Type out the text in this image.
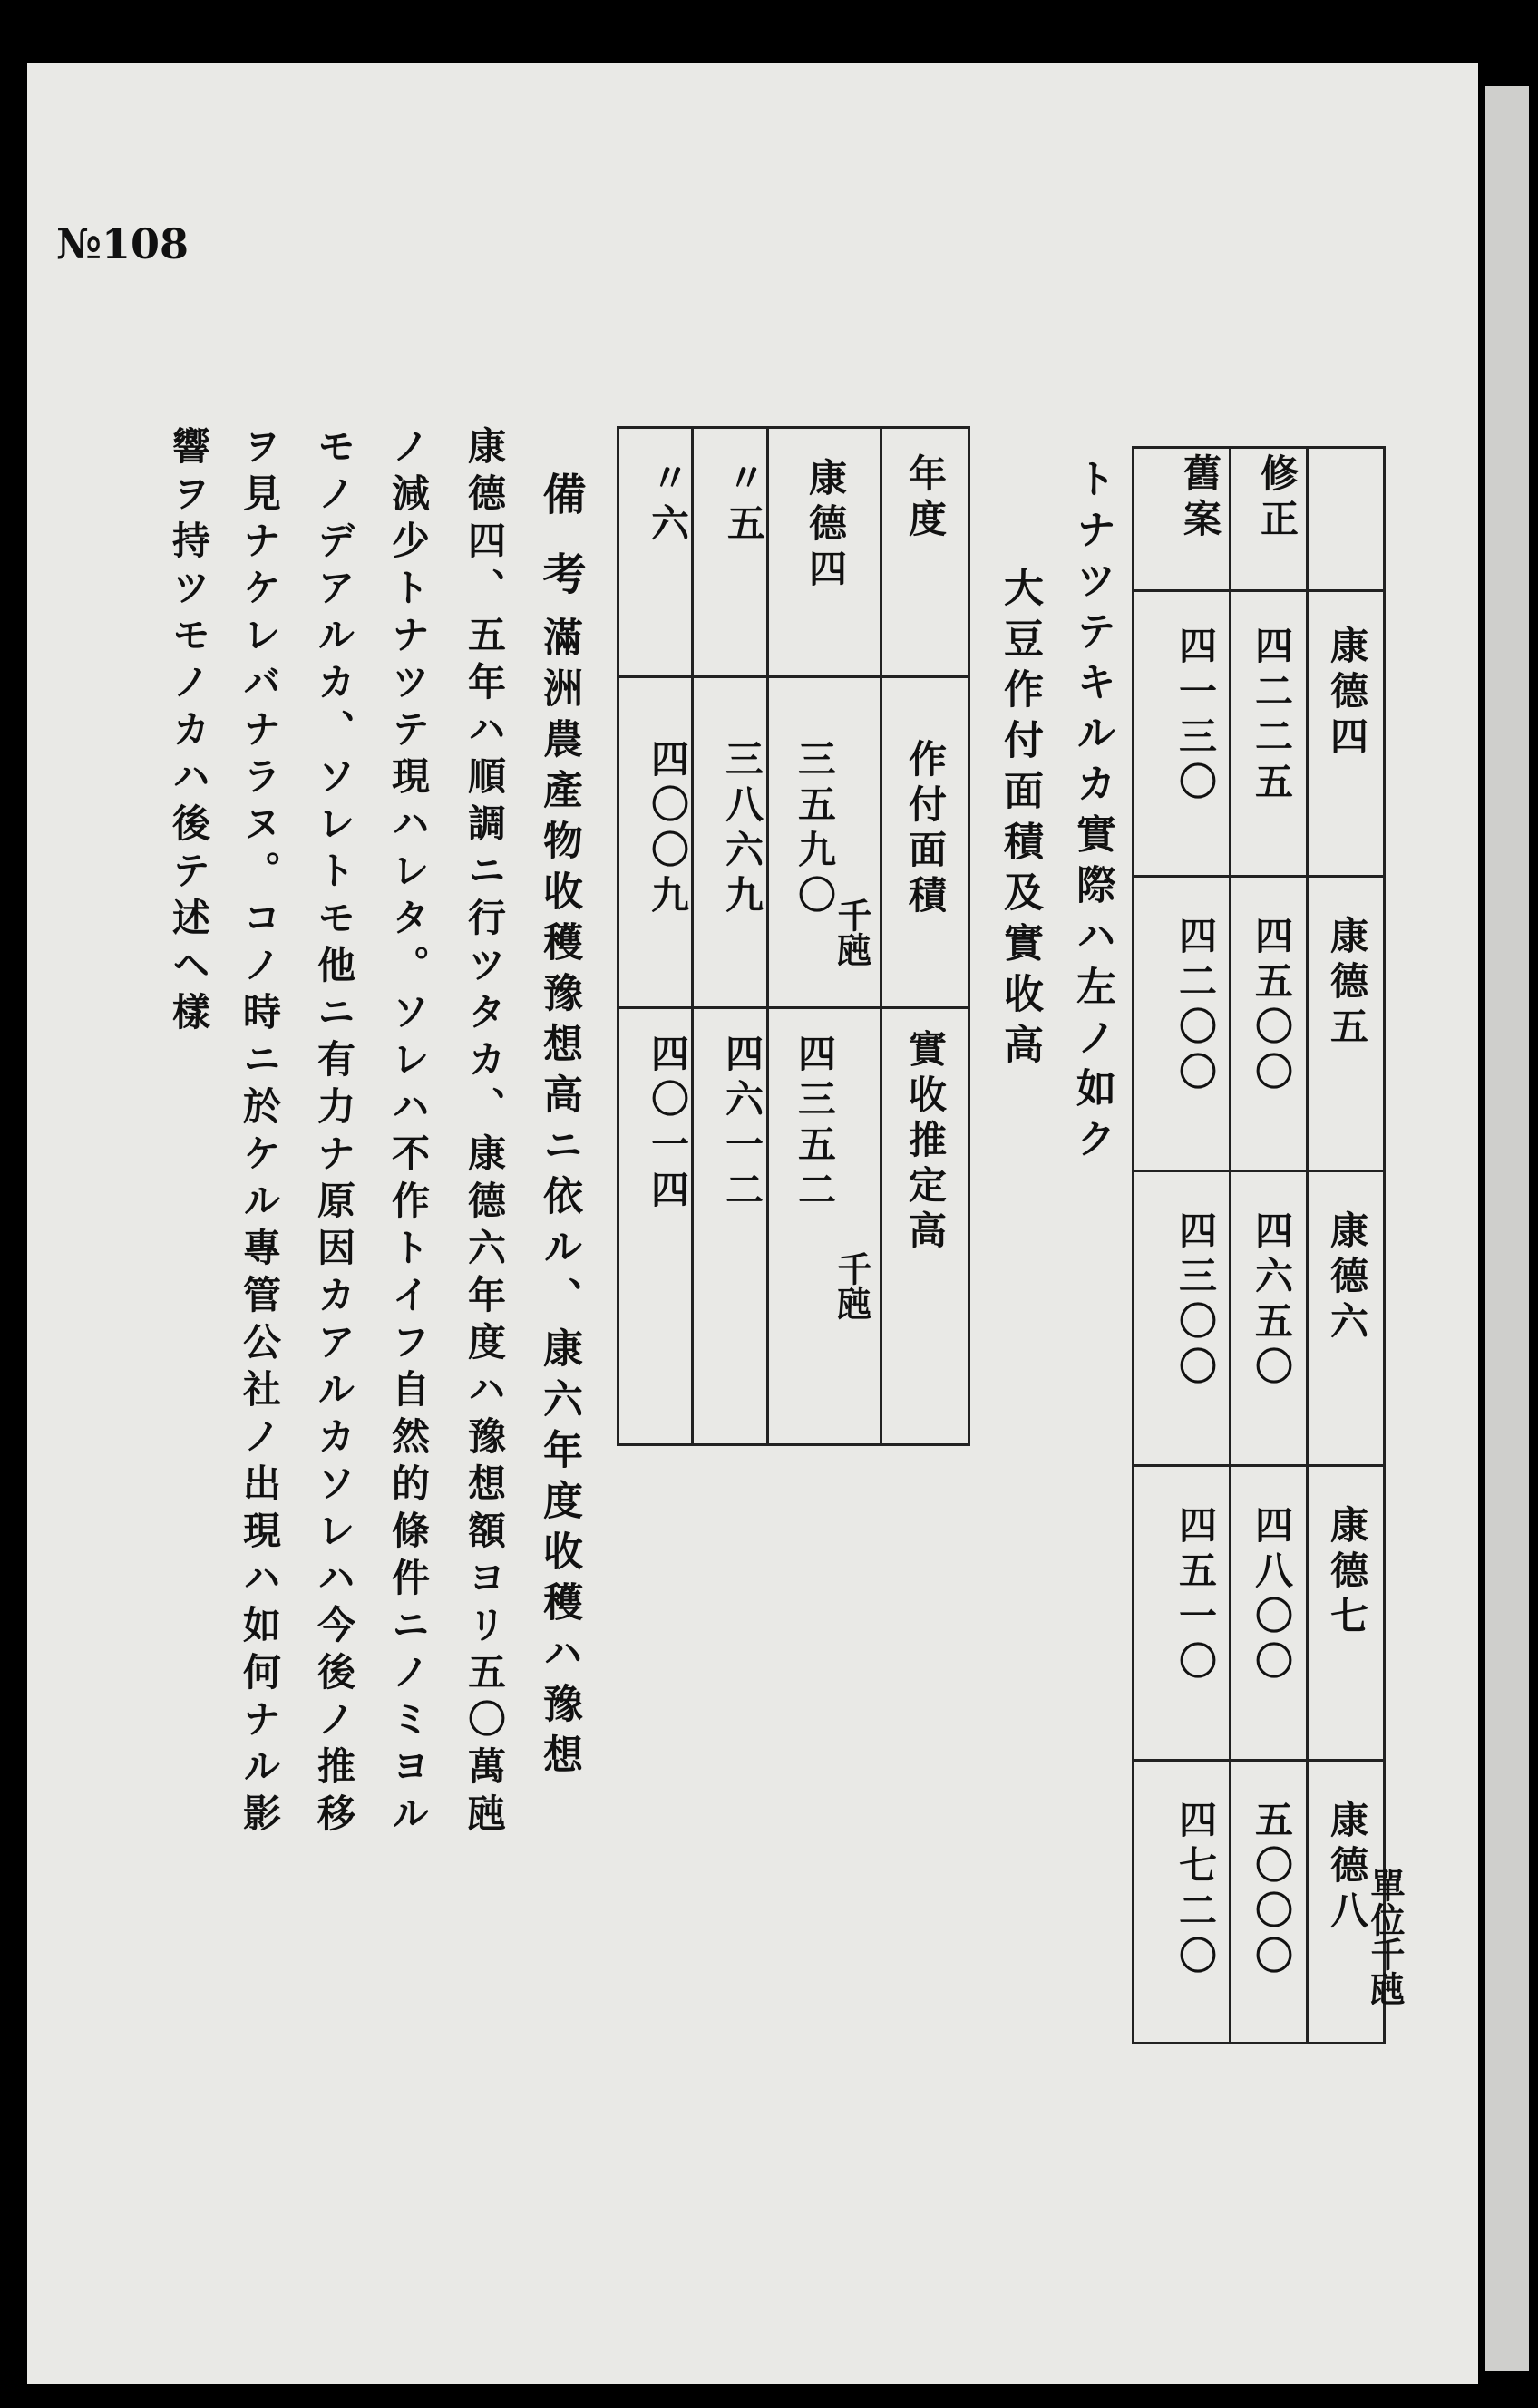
№108
修正
舊案
康德四
康德五
康德六
康德七
康德八
四二二五
四五〇〇
四六五〇
四八〇〇
五〇〇〇
四一三〇
四二〇〇
四三〇〇
四五一〇
四七二〇	單位千瓲
トナツテキルカ實際ハ左ノ如ク
大豆作付面積及實收高
年度
作付面積
實收推定高
康德四
〃五
〃六
三五九〇
三八六九
四〇〇九
千瓲
四三五二
四六一二
四〇一四
千瓲
備考
滿洲農產物收穫豫想高ニ依ル、康六年度收穫ハ豫想
康德四、五年ハ順調ニ行ツタカ、康德六年度ハ豫想額ヨリ五〇萬瓲
ノ減少トナツテ現ハレタ。ソレハ不作トイフ自然的條件ニノミヨル
モノデアルカ、ソレトモ他ニ有力ナ原因カアルカソレハ今後ノ推移
ヲ見ナケレバナラヌ。コノ時ニ於ケル專管公社ノ出現ハ如何ナル影
響ヲ持ツモノカハ後テ述ヘ樣
